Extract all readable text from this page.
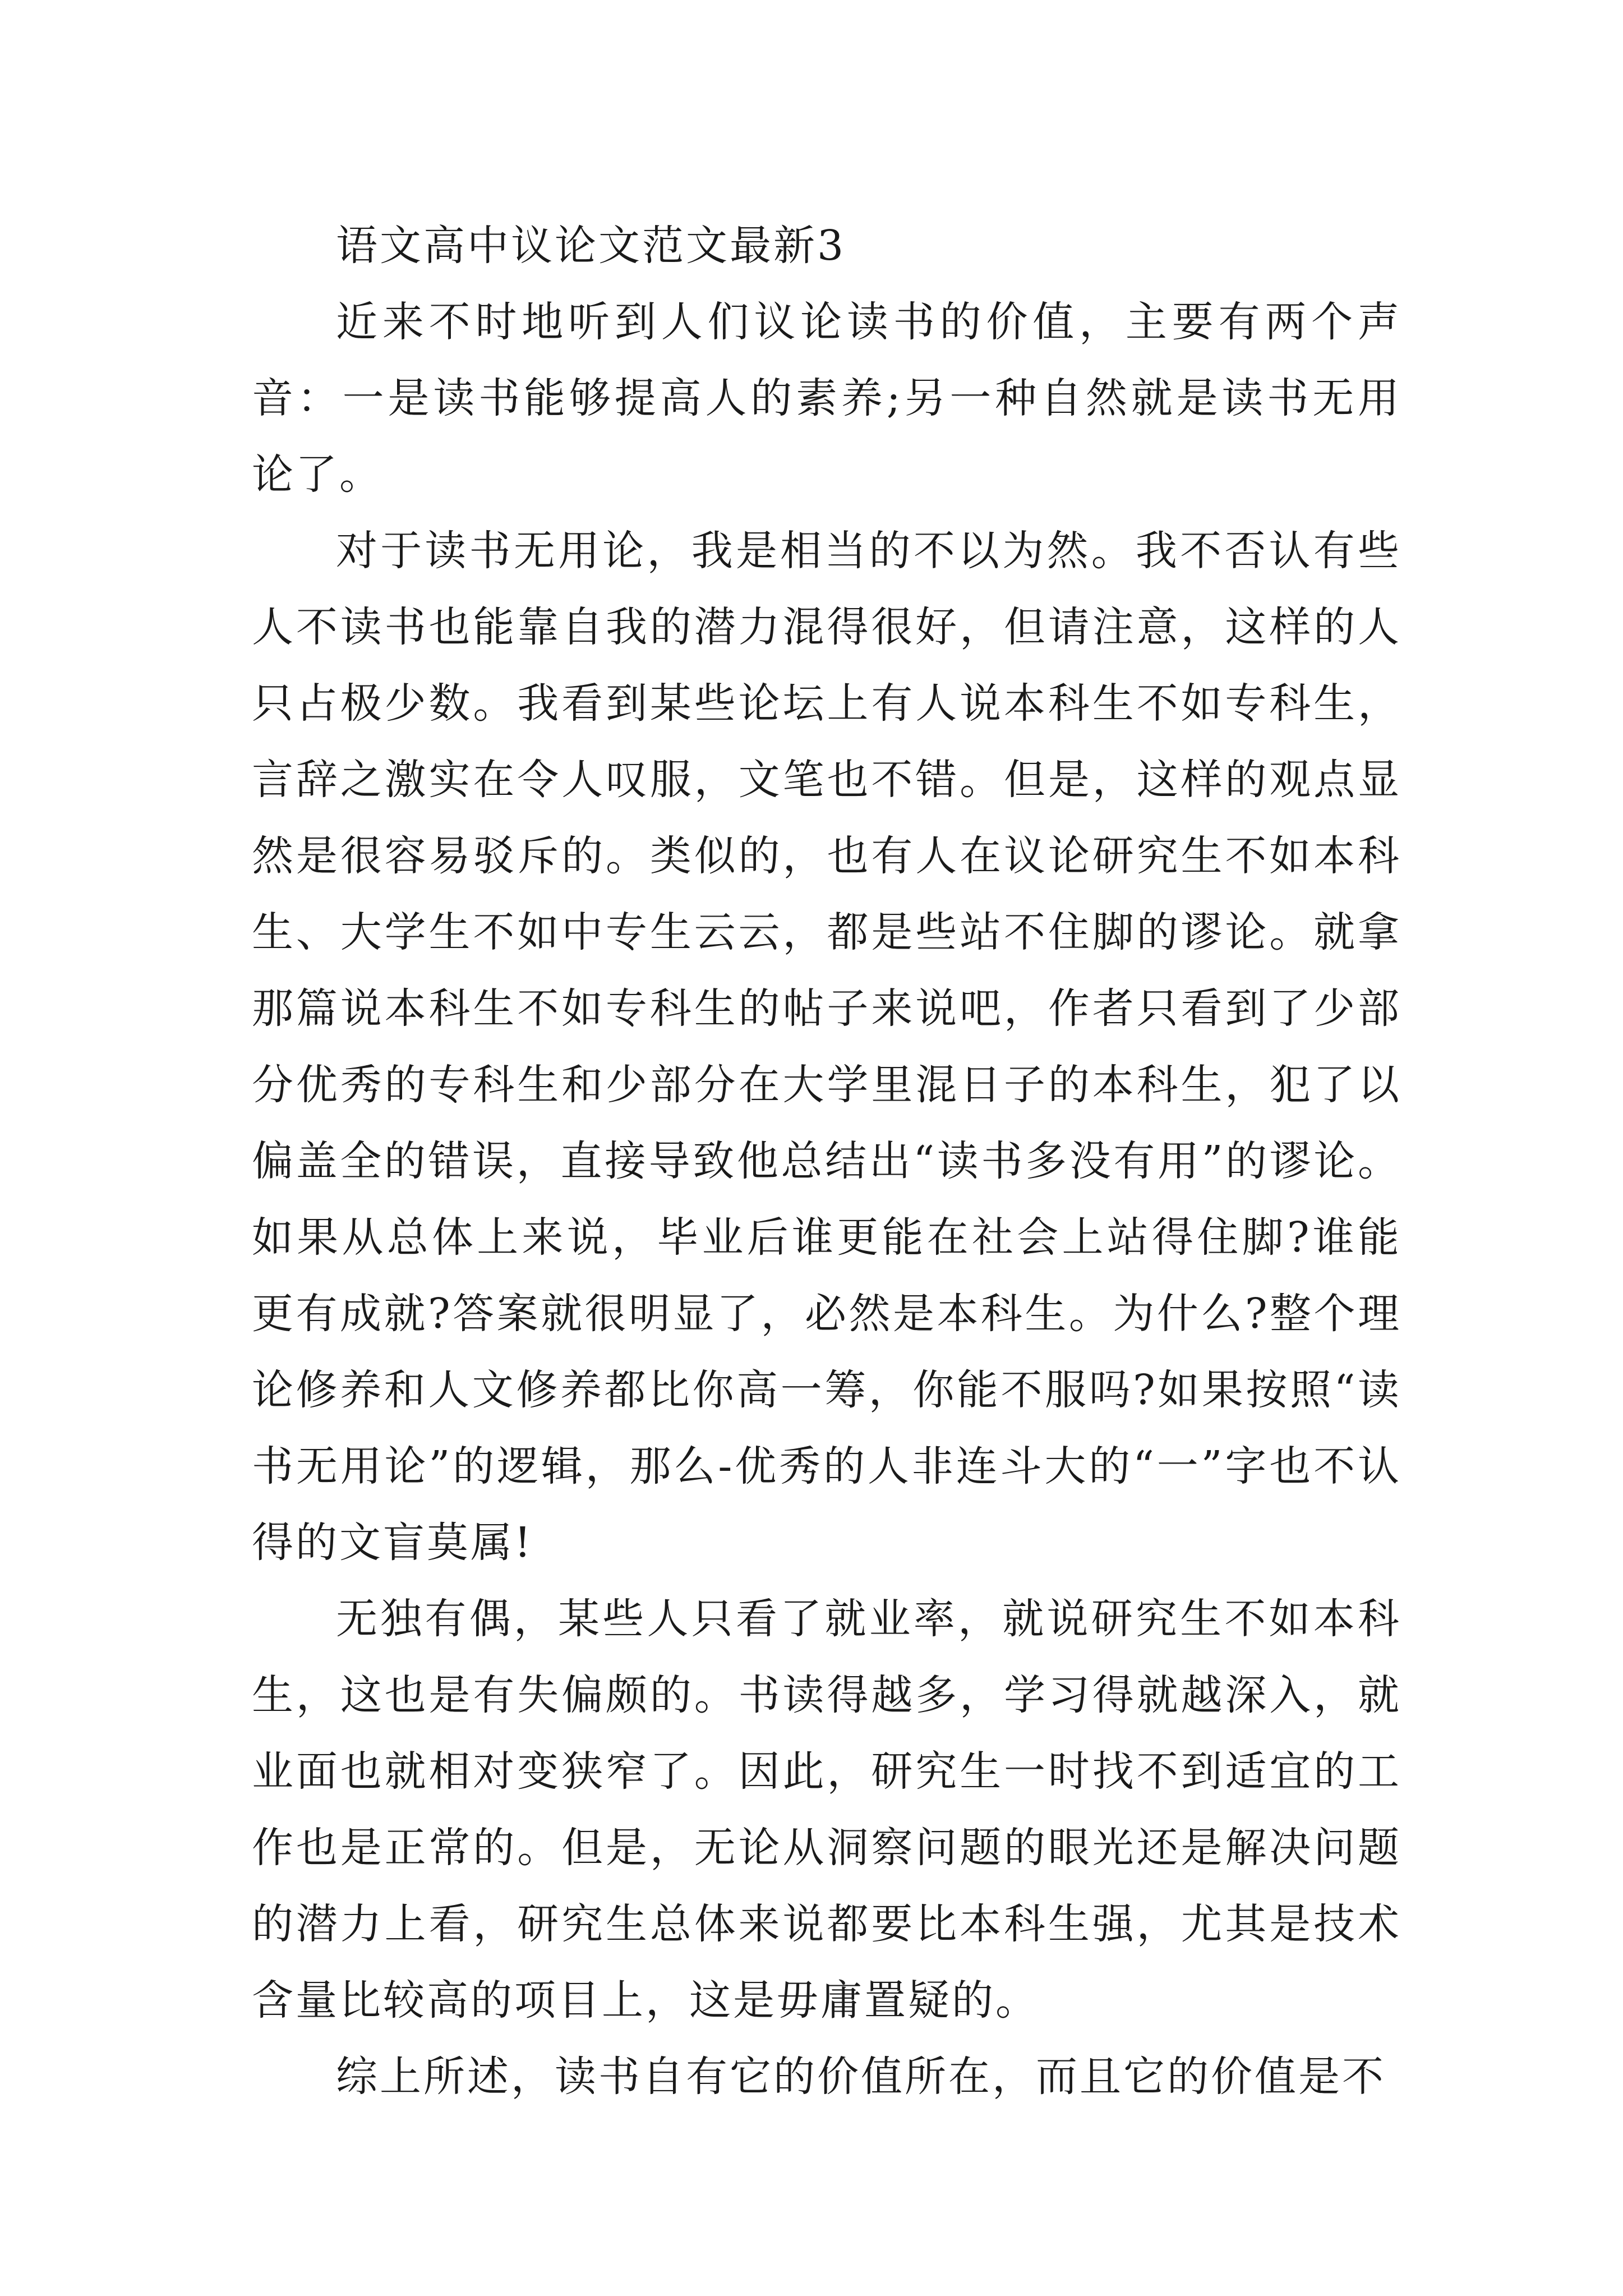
语文高中议论文范文最新3

近来不时地听到人们议论读书的价值，主要有两个声音：一是读书能够提高人的素养;另一种自然就是读书无用论了。

对于读书无用论，我是相当的不以为然。我不否认有些人不读书也能靠自我的潜力混得很好，但请注意，这样的人只占极少数。我看到某些论坛上有人说本科生不如专科生，言辞之激实在令人叹服，文笔也不错。但是，这样的观点显然是很容易驳斥的。类似的，也有人在议论研究生不如本科生、大学生不如中专生云云，都是些站不住脚的谬论。就拿那篇说本科生不如专科生的帖子来说吧，作者只看到了少部分优秀的专科生和少部分在大学里混日子的本科生，犯了以偏盖全的错误，直接导致他总结出“读书多没有用”的谬论。如果从总体上来说，毕业后谁更能在社会上站得住脚?谁能更有成就?答案就很明显了，必然是本科生。为什么?整个理论修养和人文修养都比你高一筹，你能不服吗?如果按照“读书无用论”的逻辑，那么-优秀的人非连斗大的“一”字也不认得的文盲莫属!

无独有偶，某些人只看了就业率，就说研究生不如本科生，这也是有失偏颇的。书读得越多，学习得就越深入，就业面也就相对变狭窄了。因此，研究生一时找不到适宜的工作也是正常的。但是，无论从洞察问题的眼光还是解决问题的潜力上看，研究生总体来说都要比本科生强，尤其是技术含量比较高的项目上，这是毋庸置疑的。

综上所述，读书自有它的价值所在，而且它的价值是不
